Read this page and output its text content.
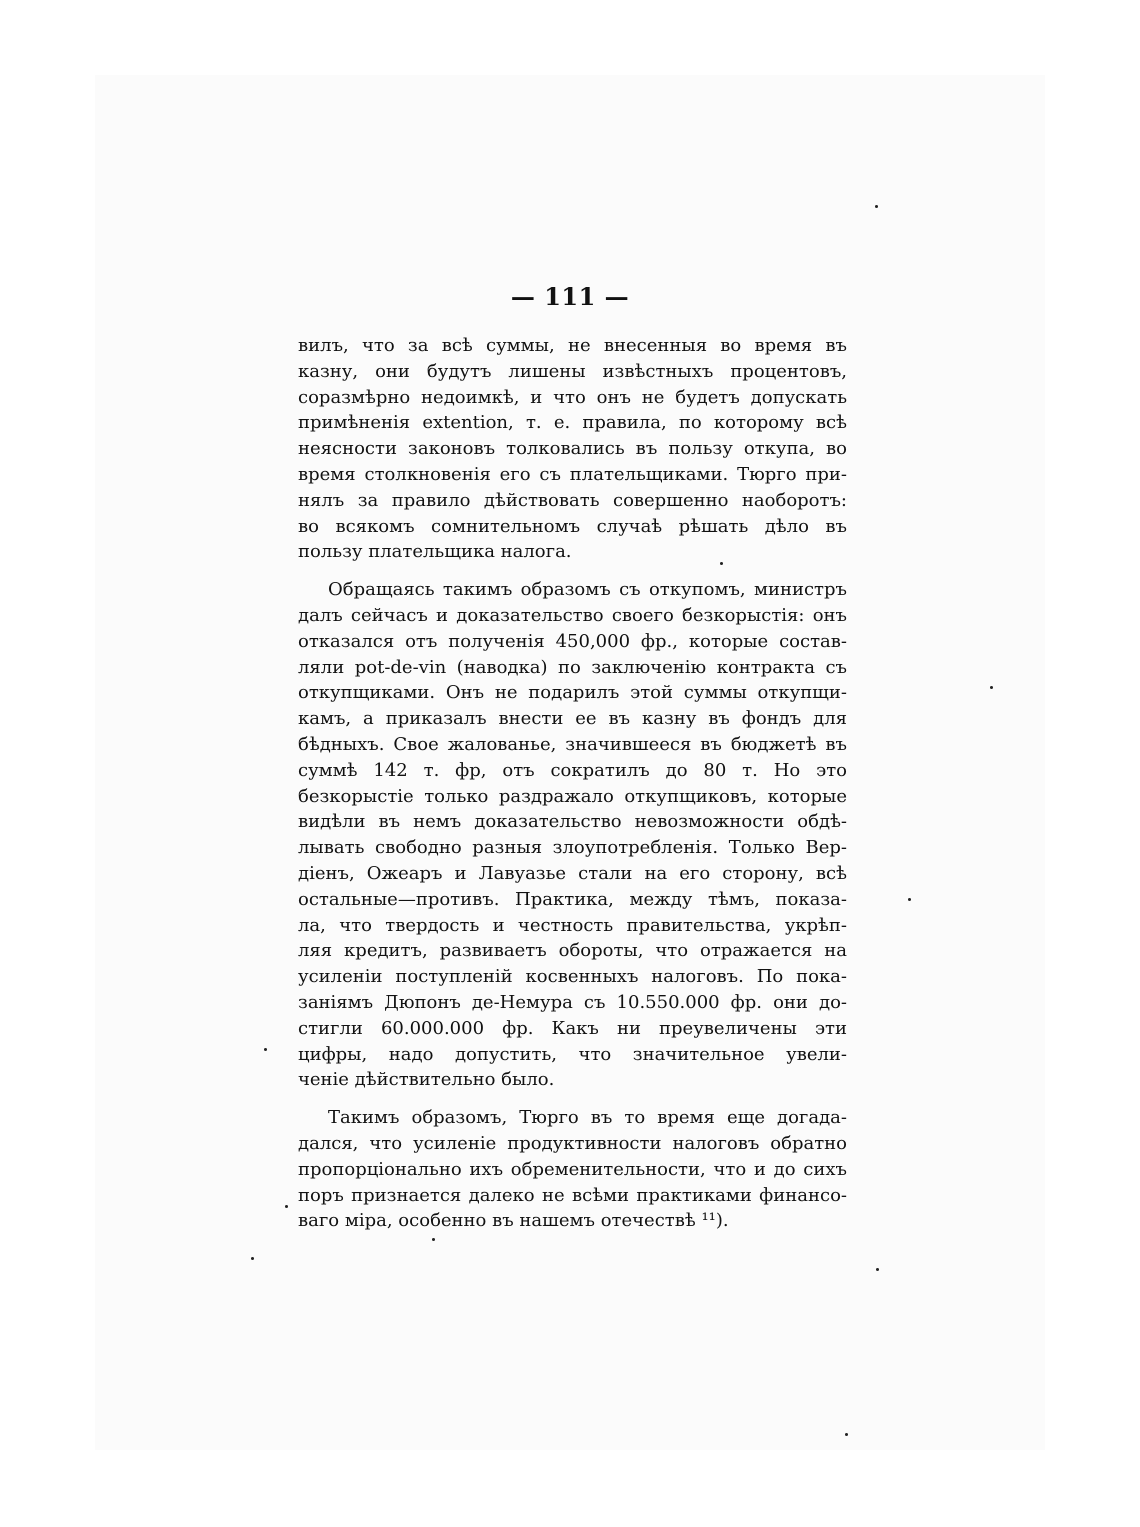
— 111 —
вилъ, что за всѣ суммы, не внесенныя во время въ
казну, они будутъ лишены извѣстныхъ процентовъ,
соразмѣрно недоимкѣ, и что онъ не будетъ допускать
примѣненія extention, т. е. правила, по которому всѣ
неясности законовъ толковались въ пользу откупа, во
время столкновенія его съ плательщиками. Тюрго при-
нялъ за правило дѣйствовать совершенно наоборотъ:
во всякомъ сомнительномъ случаѣ рѣшать дѣло въ
пользу плательщика налога.
Обращаясь такимъ образомъ съ откупомъ, министръ
далъ сейчасъ и доказательство своего безкорыстія: онъ
отказался отъ полученія 450,000 фр., которые состав-
ляли pot-de-vin (наводка) по заключенію контракта съ
откупщиками. Онъ не подарилъ этой суммы откупщи-
камъ, а приказалъ внести ее въ казну въ фондъ для
бѣдныхъ. Свое жалованье, значившееся въ бюджетѣ въ
суммѣ 142 т. фр, отъ сократилъ до 80 т. Но это
безкорыстіе только раздражало откупщиковъ, которые
видѣли въ немъ доказательство невозможности обдѣ-
лывать свободно разныя злоупотребленія. Только Вер-
діенъ, Ожеаръ и Лавуазье стали на его сторону, всѣ
остальные—противъ. Практика, между тѣмъ, показа-
ла, что твердость и честность правительства, укрѣп-
ляя кредитъ, развиваетъ обороты, что отражается на
усиленіи поступленій косвенныхъ налоговъ. По пока-
занiямъ Дюпонъ де-Немура съ 10.550.000 фр. они до-
стигли 60.000.000 фр. Какъ ни преувеличены эти
цифры, надо допустить, что значительное увели-
ченіе дѣйствительно было.
Такимъ образомъ, Тюрго въ то время еще догада-
дался, что усиленіе продуктивности налоговъ обратно
пропорціонально ихъ обременительности, что и до сихъ
поръ признается далеко не всѣми практиками финансо-
ваго міра, особенно въ нашемъ отечествѣ ¹¹).
